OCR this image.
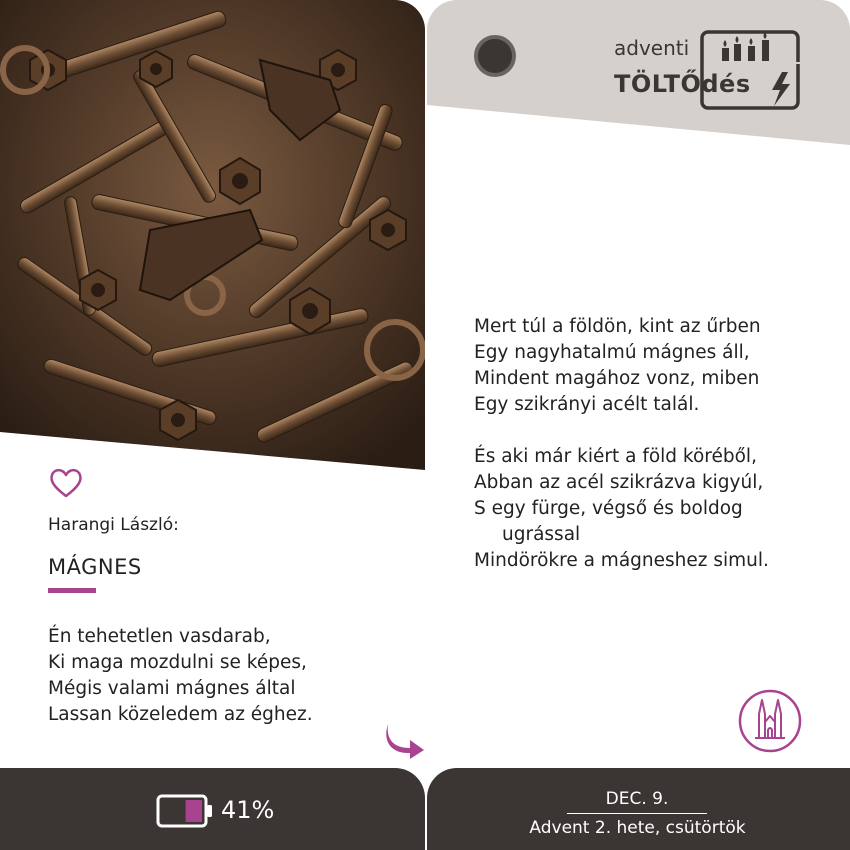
Harangi László:
MÁGNES
Én tehetetlen vasdarab,
Ki maga mozdulni se képes,
Mégis valami mágnes által
Lassan közeledem az éghez.
adventi
TÖLTŐdés
Mert túl a földön, kint az űrben
Egy nagyhatalmú mágnes áll,
Mindent magához vonz, miben
Egy szikrányi acélt talál.
És aki már kiért a föld köréből,
Abban az acél szikrázva kigyúl,
S egy fürge, végső és boldog
ugrással
Mindörökre a mágneshez simul.
41%	DEC. 9.
Advent 2. hete, csütörtök
